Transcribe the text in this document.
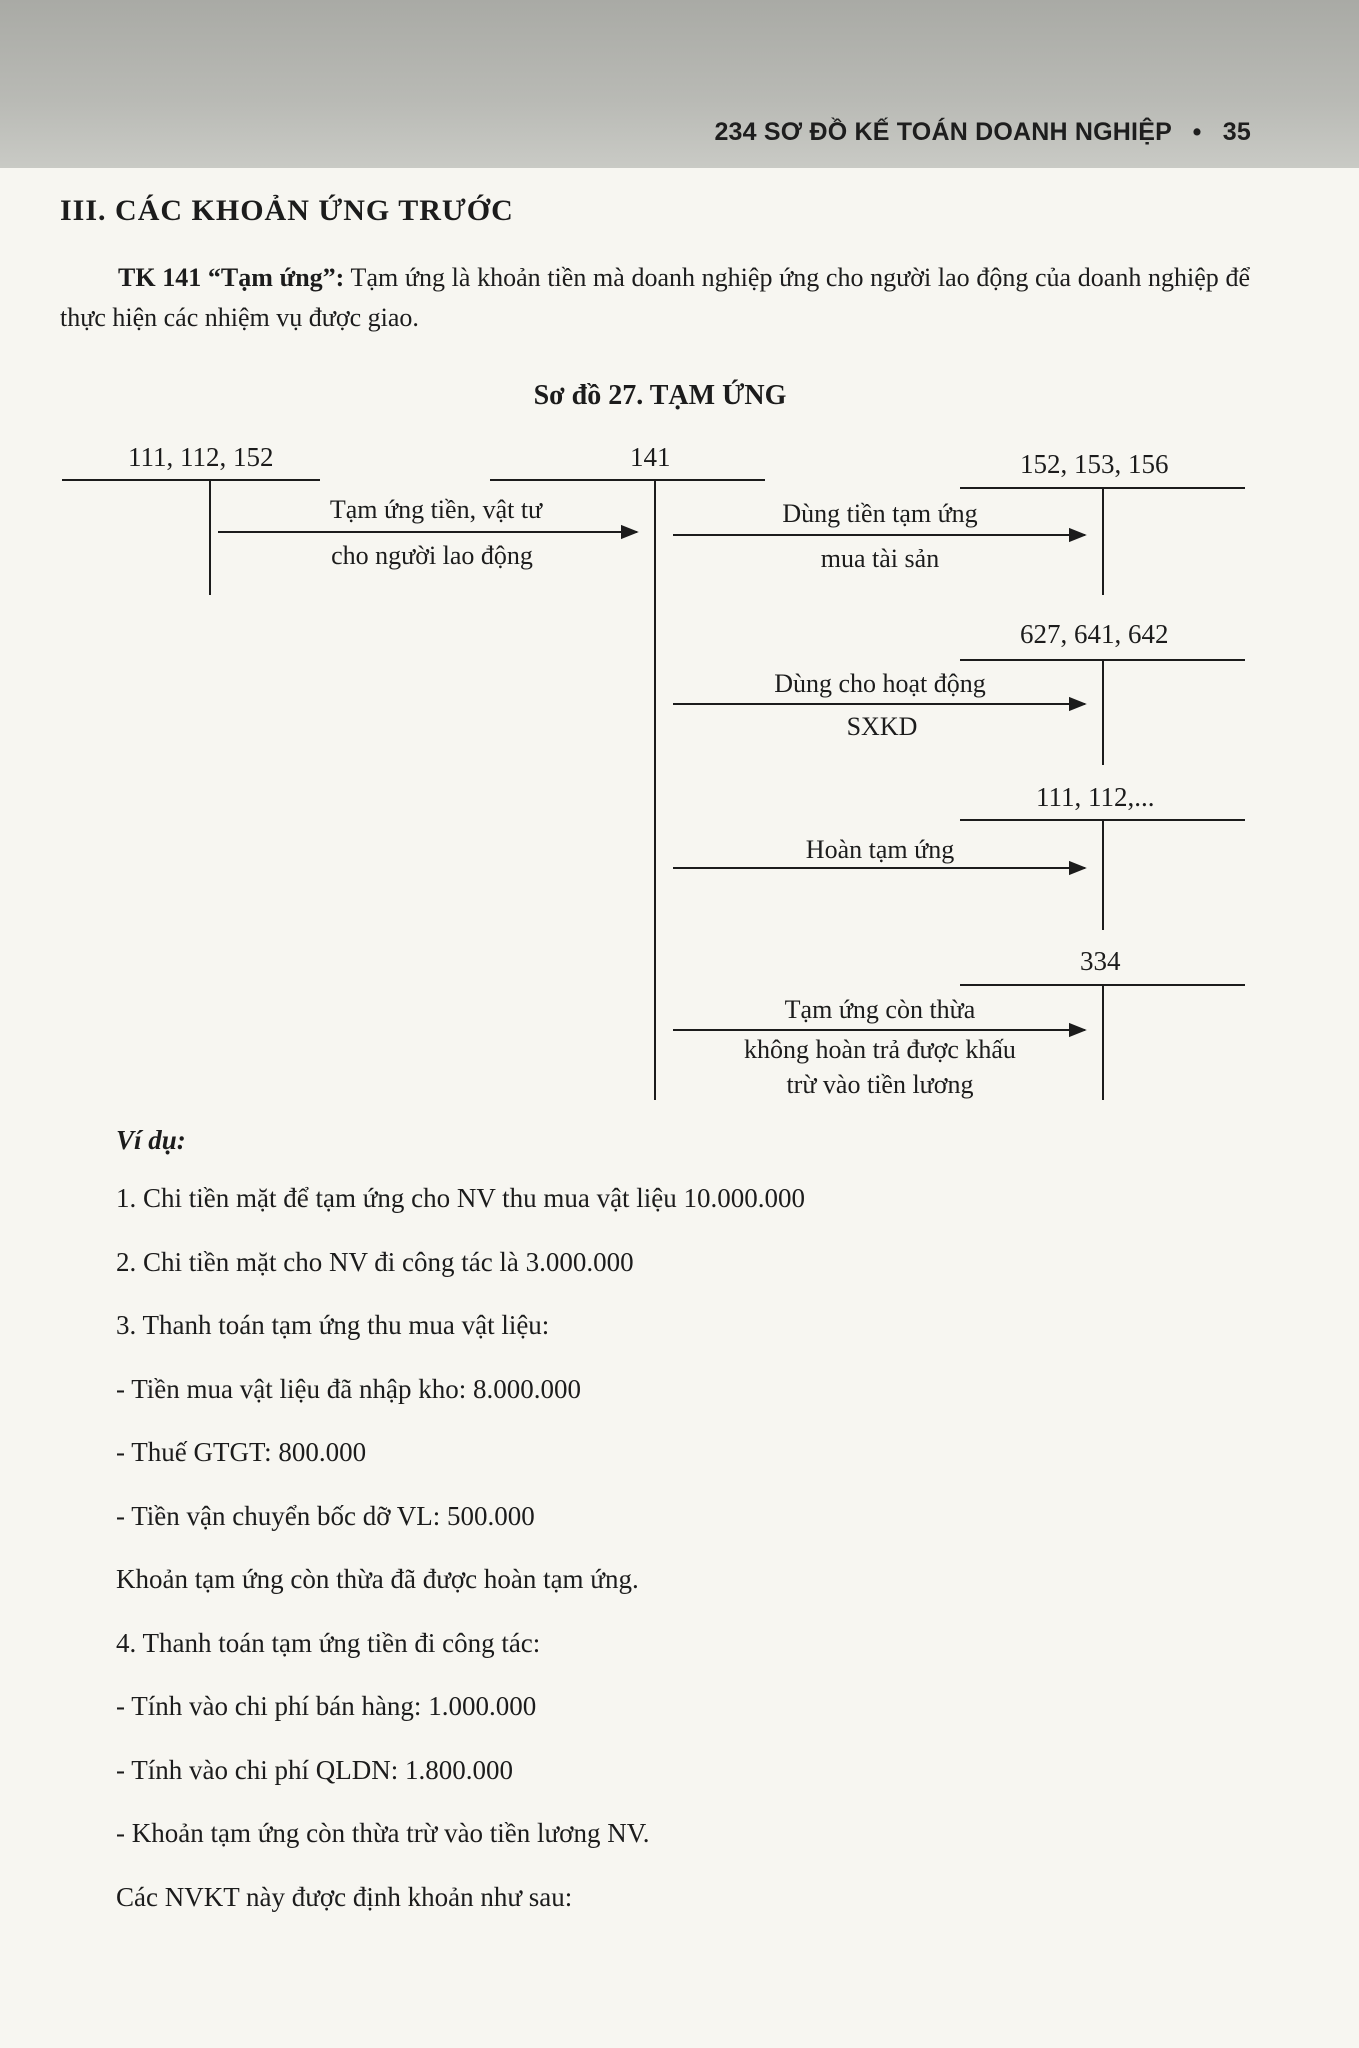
234 SƠ ĐỒ KẾ TOÁN DOANH NGHIỆP • 35
III. CÁC KHOẢN ỨNG TRƯỚC
TK 141 “Tạm ứng”: Tạm ứng là khoản tiền mà doanh nghiệp ứng cho người lao động của doanh nghiệp để thực hiện các nhiệm vụ được giao.
Sơ đồ 27. TẠM ỨNG
111, 112, 152	141	152, 153, 156
627, 641, 642
111, 112,...
334
Tạm ứng tiền, vật tư
cho người lao động
Dùng tiền tạm ứng
mua tài sản
Dùng cho hoạt động
SXKD
Hoàn tạm ứng
Tạm ứng còn thừa
không hoàn trả được khấu
trừ vào tiền lương
Ví dụ:
1. Chi tiền mặt để tạm ứng cho NV thu mua vật liệu 10.000.000
2. Chi tiền mặt cho NV đi công tác là 3.000.000
3. Thanh toán tạm ứng thu mua vật liệu:
- Tiền mua vật liệu đã nhập kho: 8.000.000
- Thuế GTGT: 800.000
- Tiền vận chuyển bốc dỡ VL: 500.000
Khoản tạm ứng còn thừa đã được hoàn tạm ứng.
4. Thanh toán tạm ứng tiền đi công tác:
- Tính vào chi phí bán hàng: 1.000.000
- Tính vào chi phí QLDN: 1.800.000
- Khoản tạm ứng còn thừa trừ vào tiền lương NV.
Các NVKT này được định khoản như sau:
